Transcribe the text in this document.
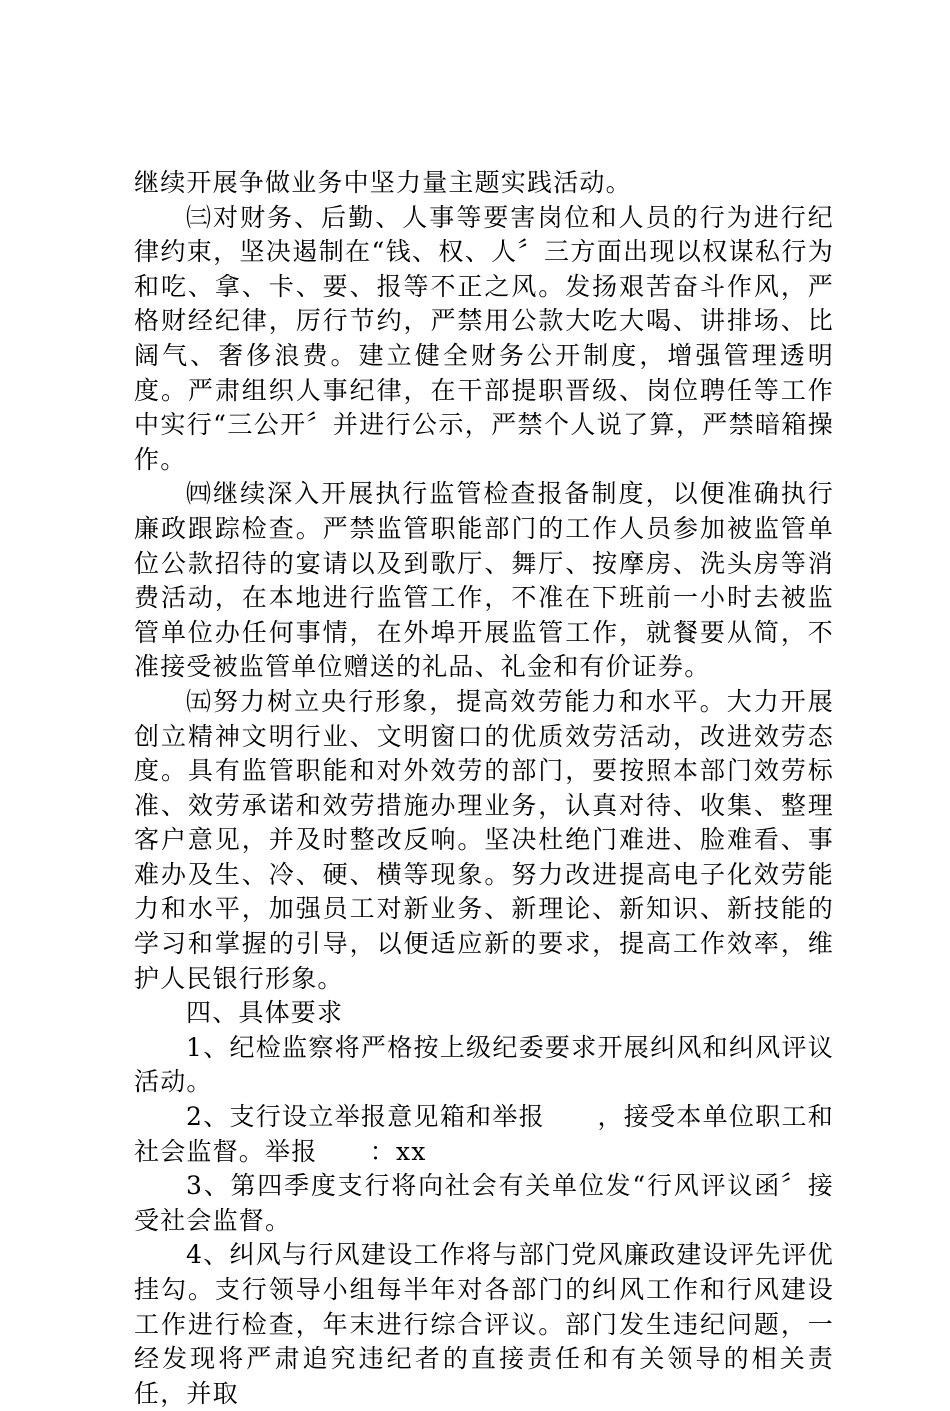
继续开展争做业务中坚力量主题实践活动。

㈢对财务、后勤、人事等要害岗位和人员的行为进行纪律约束，坚决遏制在“钱、权、人〞三方面出现以权谋私行为和吃、拿、卡、要、报等不正之风。发扬艰苦奋斗作风，严格财经纪律，厉行节约，严禁用公款大吃大喝、讲排场、比阔气、奢侈浪费。建立健全财务公开制度，增强管理透明度。严肃组织人事纪律，在干部提职晋级、岗位聘任等工作中实行“三公开〞并进行公示，严禁个人说了算，严禁暗箱操作。

㈣继续深入开展执行监管检查报备制度，以便准确执行廉政跟踪检查。严禁监管职能部门的工作人员参加被监管单位公款招待的宴请以及到歌厅、舞厅、按摩房、洗头房等消费活动，在本地进行监管工作，不准在下班前一小时去被监管单位办任何事情，在外埠开展监管工作，就餐要从简，不准接受被监管单位赠送的礼品、礼金和有价证券。

㈤努力树立央行形象，提高效劳能力和水平。大力开展创立精神文明行业、文明窗口的优质效劳活动，改进效劳态度。具有监管职能和对外效劳的部门，要按照本部门效劳标准、效劳承诺和效劳措施办理业务，认真对待、收集、整理客户意见，并及时整改反响。坚决杜绝门难进、脸难看、事难办及生、冷、硬、横等现象。努力改进提高电子化效劳能力和水平，加强员工对新业务、新理论、新知识、新技能的学习和掌握的引导，以便适应新的要求，提高工作效率，维护人民银行形象。

四、具体要求

1、纪检监察将严格按上级纪委要求开展纠风和纠风评议活动。

2、支行设立举报意见箱和举报　　，接受本单位职工和社会监督。举报　　：xx

3、第四季度支行将向社会有关单位发“行风评议函〞接受社会监督。

4、纠风与行风建设工作将与部门党风廉政建设评先评优挂勾。支行领导小组每半年对各部门的纠风工作和行风建设工作进行检查，年末进行综合评议。部门发生违纪问题，一经发现将严肃追究违纪者的直接责任和有关领导的相关责任，并取
